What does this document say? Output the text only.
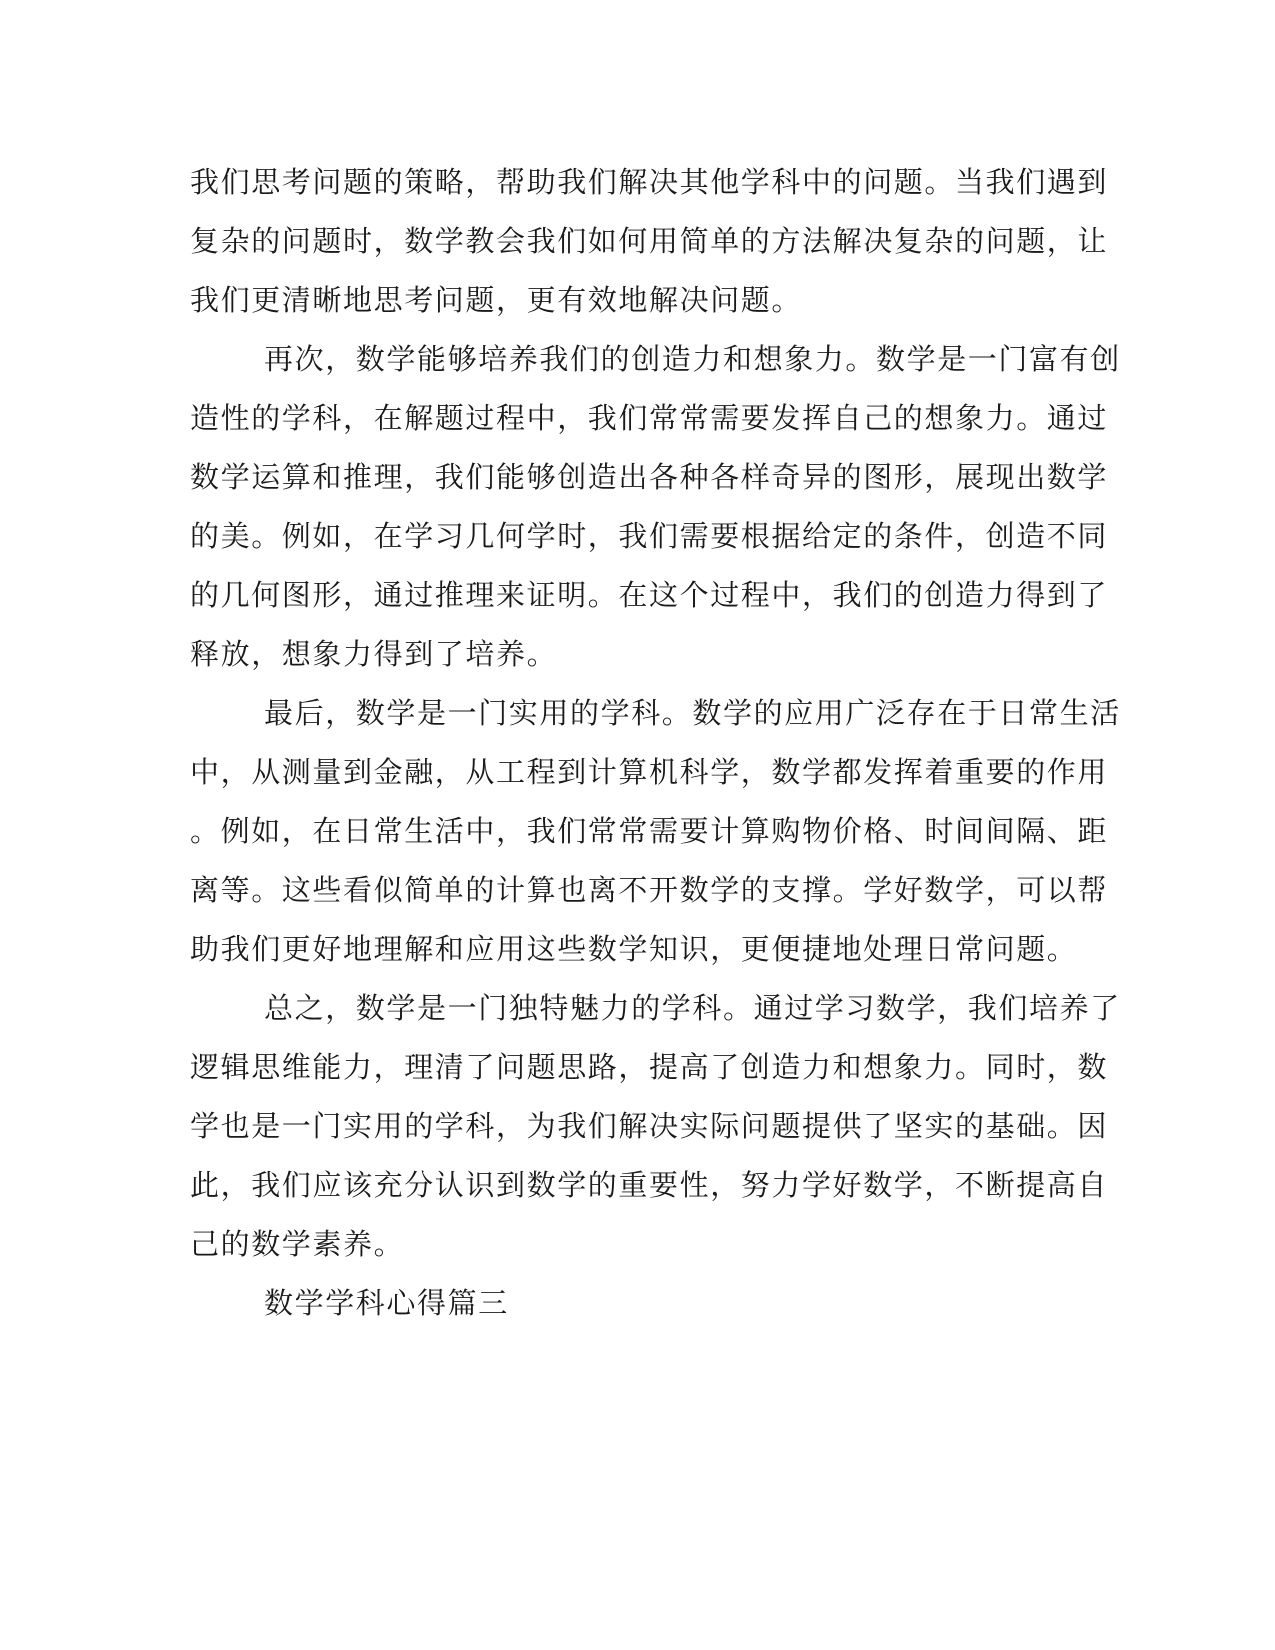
我们思考问题的策略，帮助我们解决其他学科中的问题。当我们遇到
复杂的问题时，数学教会我们如何用简单的方法解决复杂的问题，让
我们更清晰地思考问题，更有效地解决问题。
再次，数学能够培养我们的创造力和想象力。数学是一门富有创
造性的学科，在解题过程中，我们常常需要发挥自己的想象力。通过
数学运算和推理，我们能够创造出各种各样奇异的图形，展现出数学
的美。例如，在学习几何学时，我们需要根据给定的条件，创造不同
的几何图形，通过推理来证明。在这个过程中，我们的创造力得到了
释放，想象力得到了培养。
最后，数学是一门实用的学科。数学的应用广泛存在于日常生活
中，从测量到金融，从工程到计算机科学，数学都发挥着重要的作用
。例如，在日常生活中，我们常常需要计算购物价格、时间间隔、距
离等。这些看似简单的计算也离不开数学的支撑。学好数学，可以帮
助我们更好地理解和应用这些数学知识，更便捷地处理日常问题。
总之，数学是一门独特魅力的学科。通过学习数学，我们培养了
逻辑思维能力，理清了问题思路，提高了创造力和想象力。同时，数
学也是一门实用的学科，为我们解决实际问题提供了坚实的基础。因
此，我们应该充分认识到数学的重要性，努力学好数学，不断提高自
己的数学素养。
数学学科心得篇三
